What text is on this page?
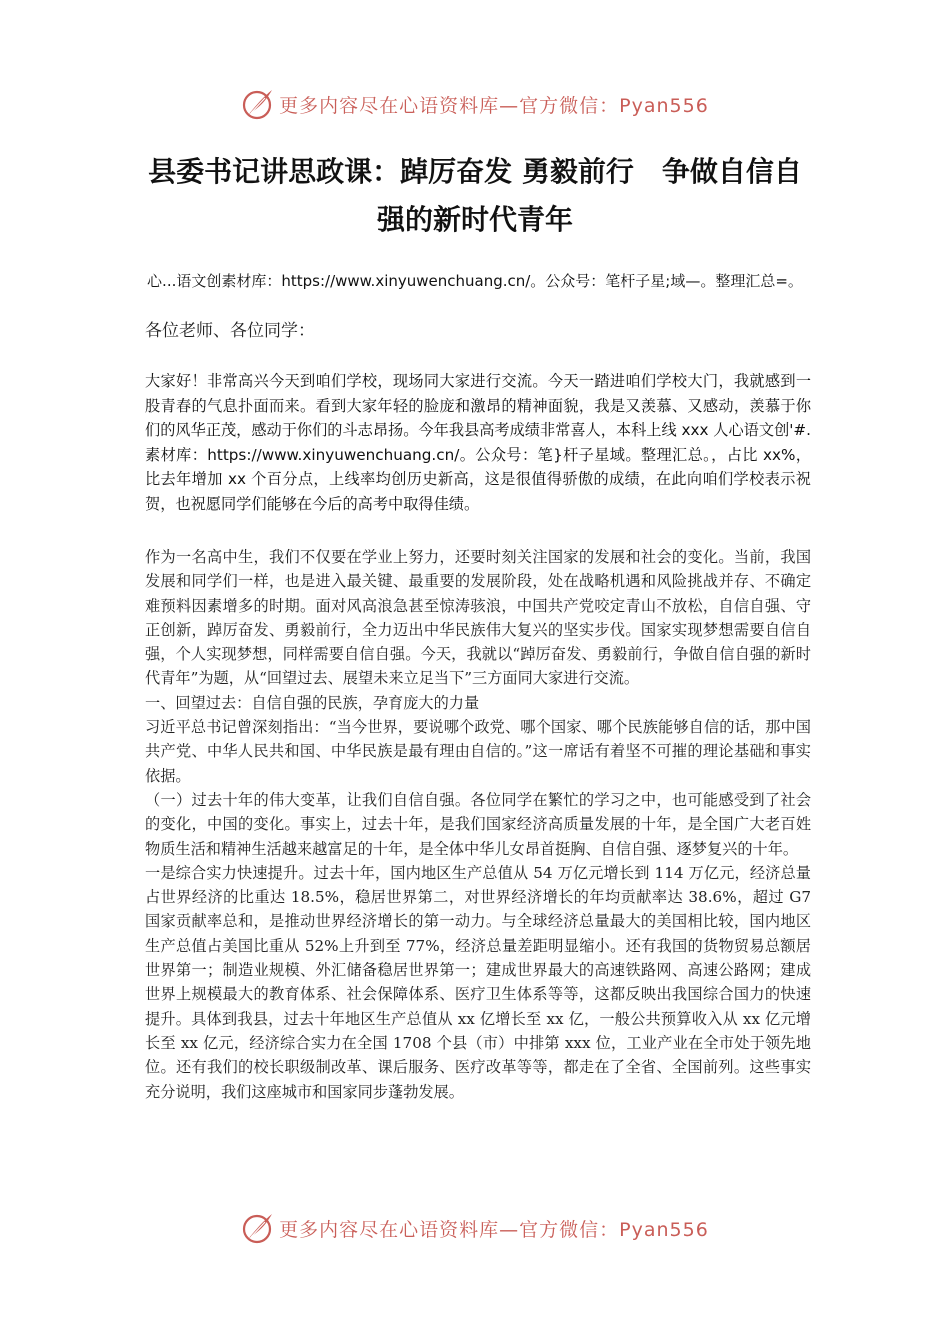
更多内容尽在心语资料库—官方微信：Pyan556
县委书记讲思政课：踔厉奋发 勇毅前行　争做自信自强的新时代青年
心...语文创素材库：https://www.xinyuwenchuang.cn/。公众号：笔杆子星;域—。整理汇总=。
各位老师、各位同学：
大家好！非常高兴今天到咱们学校，现场同大家进行交流。今天一踏进咱们学校大门，我就感到一股青春的气息扑面而来。看到大家年轻的脸庞和激昂的精神面貌，我是又羡慕、又感动，羡慕于你们的风华正茂，感动于你们的斗志昂扬。今年我县高考成绩非常喜人，本科上线 xxx 人心语文创'#.素材库：https://www.xinyuwenchuang.cn/。公众号：笔}杆子星域。整理汇总。，占比 xx%，比去年增加 xx 个百分点，上线率均创历史新高，这是很值得骄傲的成绩，在此向咱们学校表示祝贺，也祝愿同学们能够在今后的高考中取得佳绩。

作为一名高中生，我们不仅要在学业上努力，还要时刻关注国家的发展和社会的变化。当前，我国发展和同学们一样，也是进入最关键、最重要的发展阶段，处在战略机遇和风险挑战并存、不确定难预料因素增多的时期。面对风高浪急甚至惊涛骇浪，中国共产党咬定青山不放松，自信自强、守正创新，踔厉奋发、勇毅前行，全力迈出中华民族伟大复兴的坚实步伐。国家实现梦想需要自信自强，个人实现梦想，同样需要自信自强。今天，我就以“踔厉奋发、勇毅前行，争做自信自强的新时代青年”为题，从“回望过去、展望未来立足当下”三方面同大家进行交流。

一、回望过去：自信自强的民族，孕育庞大的力量

习近平总书记曾深刻指出：“当今世界，要说哪个政党、哪个国家、哪个民族能够自信的话，那中国共产党、中华人民共和国、中华民族是最有理由自信的。”这一席话有着坚不可摧的理论基础和事实依据。

（一）过去十年的伟大变革，让我们自信自强。各位同学在繁忙的学习之中，也可能感受到了社会的变化，中国的变化。事实上，过去十年，是我们国家经济高质量发展的十年，是全国广大老百姓物质生活和精神生活越来越富足的十年，是全体中华儿女昂首挺胸、自信自强、逐梦复兴的十年。

一是综合实力快速提升。过去十年，国内地区生产总值从 54 万亿元增长到 114 万亿元，经济总量占世界经济的比重达 18.5%，稳居世界第二，对世界经济增长的年均贡献率达 38.6%，超过 G7 国家贡献率总和，是推动世界经济增长的第一动力。与全球经济总量最大的美国相比较，国内地区生产总值占美国比重从 52%上升到至 77%，经济总量差距明显缩小。还有我国的货物贸易总额居世界第一；制造业规模、外汇储备稳居世界第一；建成世界最大的高速铁路网、高速公路网；建成世界上规模最大的教育体系、社会保障体系、医疗卫生体系等等，这都反映出我国综合国力的快速提升。具体到我县，过去十年地区生产总值从 xx 亿增长至 xx 亿，一般公共预算收入从 xx 亿元增长至 xx 亿元，经济综合实力在全国 1708 个县（市）中排第 xxx 位，工业产业在全市处于领先地位。还有我们的校长职级制改革、课后服务、医疗改革等等，都走在了全省、全国前列。这些事实充分说明，我们这座城市和国家同步蓬勃发展。

更多内容尽在心语资料库—官方微信：Pyan556
